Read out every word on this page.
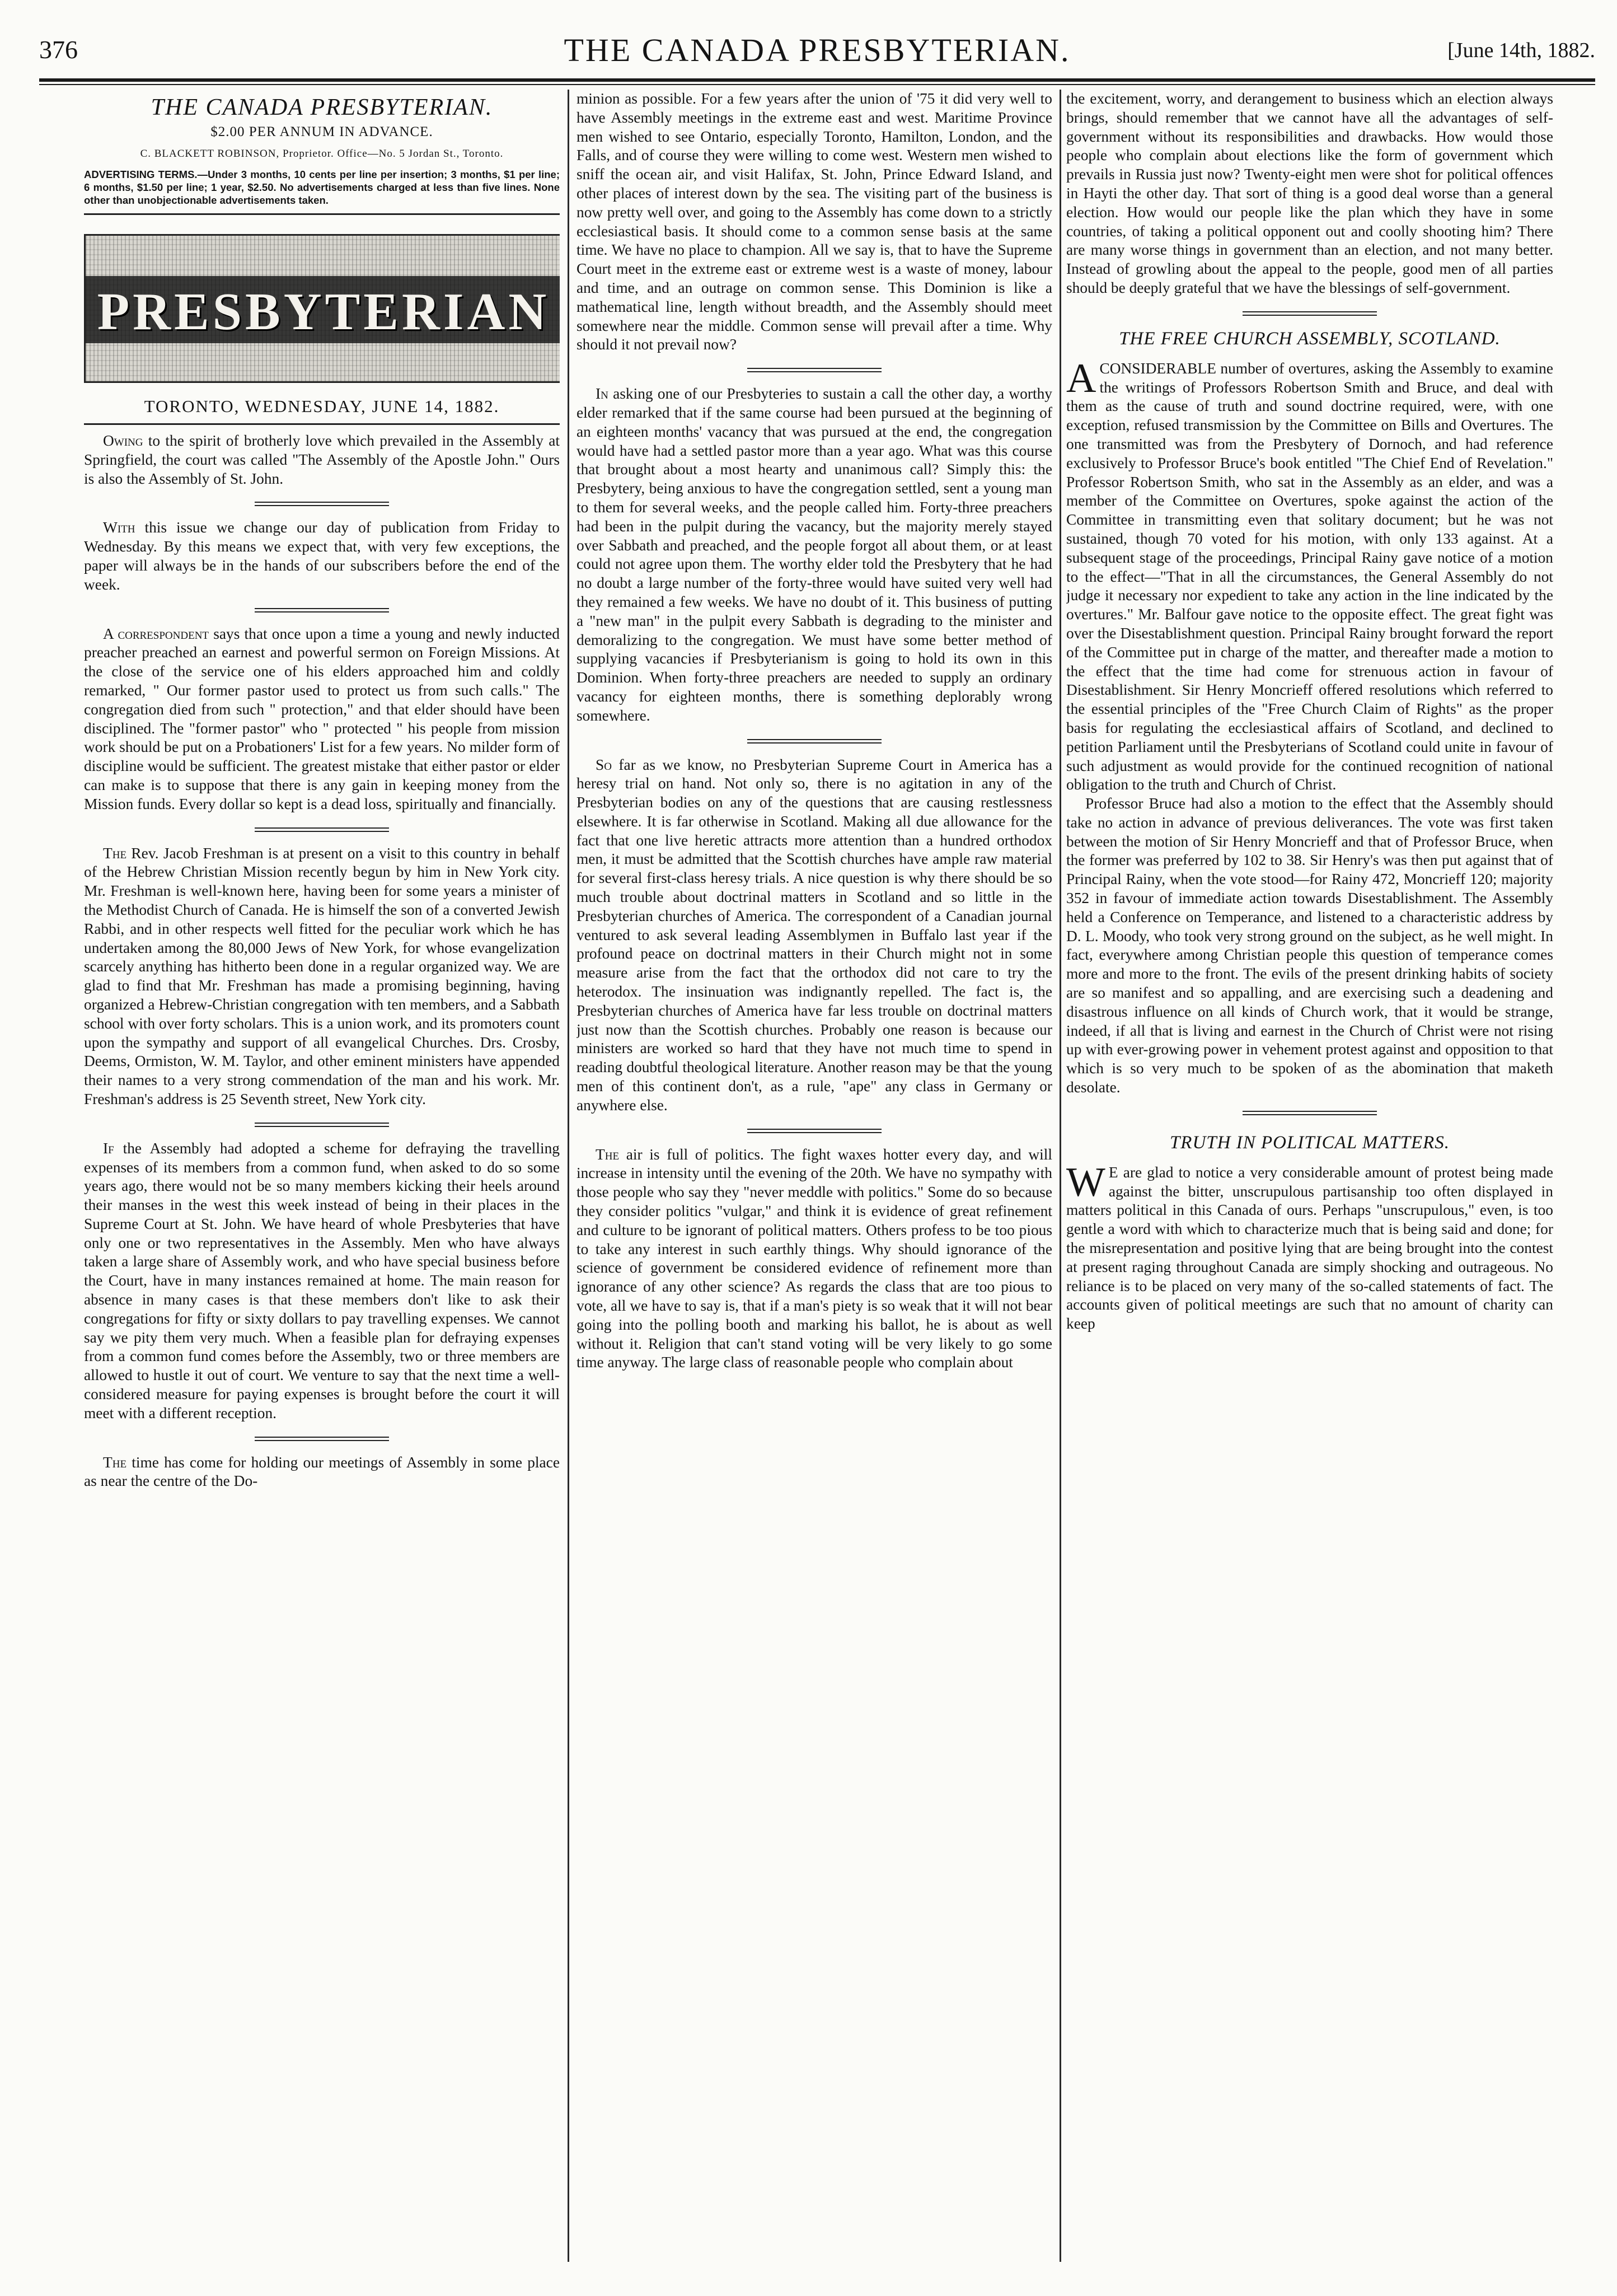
376	THE CANADA PRESBYTERIAN.	[June 14th, 1882.
THE CANADA PRESBYTERIAN.
$2.00 PER ANNUM IN ADVANCE.
C. BLACKETT ROBINSON, Proprietor. Office—No. 5 Jordan St., Toronto.
ADVERTISING TERMS.—Under 3 months, 10 cents per line per insertion; 3 months, $1 per line; 6 months, $1.50 per line; 1 year, $2.50. No advertisements charged at less than five lines. None other than unobjectionable advertisements taken.
PRESBYTERIAN
TORONTO, WEDNESDAY, JUNE 14, 1882.

Owing to the spirit of brotherly love which prevailed in the Assembly at Springfield, the court was called "The Assembly of the Apostle John." Ours is also the Assembly of St. John.

With this issue we change our day of publication from Friday to Wednesday. By this means we expect that, with very few exceptions, the paper will always be in the hands of our subscribers before the end of the week.

A correspondent says that once upon a time a young and newly inducted preacher preached an earnest and powerful sermon on Foreign Missions. At the close of the service one of his elders approached him and coldly remarked, " Our former pastor used to protect us from such calls." The congregation died from such " protection," and that elder should have been disciplined. The "former pastor" who " protected " his people from mission work should be put on a Probationers' List for a few years. No milder form of discipline would be sufficient. The greatest mistake that either pastor or elder can make is to suppose that there is any gain in keeping money from the Mission funds. Every dollar so kept is a dead loss, spiritually and financially.

The Rev. Jacob Freshman is at present on a visit to this country in behalf of the Hebrew Christian Mission recently begun by him in New York city. Mr. Freshman is well-known here, having been for some years a minister of the Methodist Church of Canada. He is himself the son of a converted Jewish Rabbi, and in other respects well fitted for the peculiar work which he has undertaken among the 80,000 Jews of New York, for whose evangelization scarcely anything has hitherto been done in a regular organized way. We are glad to find that Mr. Freshman has made a promising beginning, having organized a Hebrew-Christian congregation with ten members, and a Sabbath school with over forty scholars. This is a union work, and its promoters count upon the sympathy and support of all evangelical Churches. Drs. Crosby, Deems, Ormiston, W. M. Taylor, and other eminent ministers have appended their names to a very strong commendation of the man and his work. Mr. Freshman's address is 25 Seventh street, New York city.

If the Assembly had adopted a scheme for defraying the travelling expenses of its members from a common fund, when asked to do so some years ago, there would not be so many members kicking their heels around their manses in the west this week instead of being in their places in the Supreme Court at St. John. We have heard of whole Presbyteries that have only one or two representatives in the Assembly. Men who have always taken a large share of Assembly work, and who have special business before the Court, have in many instances remained at home. The main reason for absence in many cases is that these members don't like to ask their congregations for fifty or sixty dollars to pay travelling expenses. We cannot say we pity them very much. When a feasible plan for defraying expenses from a common fund comes before the Assembly, two or three members are allowed to hustle it out of court. We venture to say that the next time a well-considered measure for paying expenses is brought before the court it will meet with a different reception.

The time has come for holding our meetings of Assembly in some place as near the centre of the Do-

minion as possible. For a few years after the union of '75 it did very well to have Assembly meetings in the extreme east and west. Maritime Province men wished to see Ontario, especially Toronto, Hamilton, London, and the Falls, and of course they were willing to come west. Western men wished to sniff the ocean air, and visit Halifax, St. John, Prince Edward Island, and other places of interest down by the sea. The visiting part of the business is now pretty well over, and going to the Assembly has come down to a strictly ecclesiastical basis. It should come to a common sense basis at the same time. We have no place to champion. All we say is, that to have the Supreme Court meet in the extreme east or extreme west is a waste of money, labour and time, and an outrage on common sense. This Dominion is like a mathematical line, length without breadth, and the Assembly should meet somewhere near the middle. Common sense will prevail after a time. Why should it not prevail now?

In asking one of our Presbyteries to sustain a call the other day, a worthy elder remarked that if the same course had been pursued at the beginning of an eighteen months' vacancy that was pursued at the end, the congregation would have had a settled pastor more than a year ago. What was this course that brought about a most hearty and unanimous call? Simply this: the Presbytery, being anxious to have the congregation settled, sent a young man to them for several weeks, and the people called him. Forty-three preachers had been in the pulpit during the vacancy, but the majority merely stayed over Sabbath and preached, and the people forgot all about them, or at least could not agree upon them. The worthy elder told the Presbytery that he had no doubt a large number of the forty-three would have suited very well had they remained a few weeks. We have no doubt of it. This business of putting a "new man" in the pulpit every Sabbath is degrading to the minister and demoralizing to the congregation. We must have some better method of supplying vacancies if Presbyterianism is going to hold its own in this Dominion. When forty-three preachers are needed to supply an ordinary vacancy for eighteen months, there is something deplorably wrong somewhere.

So far as we know, no Presbyterian Supreme Court in America has a heresy trial on hand. Not only so, there is no agitation in any of the Presbyterian bodies on any of the questions that are causing restlessness elsewhere. It is far otherwise in Scotland. Making all due allowance for the fact that one live heretic attracts more attention than a hundred orthodox men, it must be admitted that the Scottish churches have ample raw material for several first-class heresy trials. A nice question is why there should be so much trouble about doctrinal matters in Scotland and so little in the Presbyterian churches of America. The correspondent of a Canadian journal ventured to ask several leading Assemblymen in Buffalo last year if the profound peace on doctrinal matters in their Church might not in some measure arise from the fact that the orthodox did not care to try the heterodox. The insinuation was indignantly repelled. The fact is, the Presbyterian churches of America have far less trouble on doctrinal matters just now than the Scottish churches. Probably one reason is because our ministers are worked so hard that they have not much time to spend in reading doubtful theological literature. Another reason may be that the young men of this continent don't, as a rule, "ape" any class in Germany or anywhere else.

The air is full of politics. The fight waxes hotter every day, and will increase in intensity until the evening of the 20th. We have no sympathy with those people who say they "never meddle with politics." Some do so because they consider politics "vulgar," and think it is evidence of great refinement and culture to be ignorant of political matters. Others profess to be too pious to take any interest in such earthly things. Why should ignorance of the science of government be considered evidence of refinement more than ignorance of any other science? As regards the class that are too pious to vote, all we have to say is, that if a man's piety is so weak that it will not bear going into the polling booth and marking his ballot, he is about as well without it. Religion that can't stand voting will be very likely to go some time anyway. The large class of reasonable people who complain about

the excitement, worry, and derangement to business which an election always brings, should remember that we cannot have all the advantages of self-government without its responsibilities and drawbacks. How would those people who complain about elections like the form of government which prevails in Russia just now? Twenty-eight men were shot for political offences in Hayti the other day. That sort of thing is a good deal worse than a general election. How would our people like the plan which they have in some countries, of taking a political opponent out and coolly shooting him? There are many worse things in government than an election, and not many better. Instead of growling about the appeal to the people, good men of all parties should be deeply grateful that we have the blessings of self-government.

THE FREE CHURCH ASSEMBLY, SCOTLAND.

A CONSIDERABLE number of overtures, asking the Assembly to examine the writings of Professors Robertson Smith and Bruce, and deal with them as the cause of truth and sound doctrine required, were, with one exception, refused transmission by the Committee on Bills and Overtures. The one transmitted was from the Presbytery of Dornoch, and had reference exclusively to Professor Bruce's book entitled "The Chief End of Revelation." Professor Robertson Smith, who sat in the Assembly as an elder, and was a member of the Committee on Overtures, spoke against the action of the Committee in transmitting even that solitary document; but he was not sustained, though 70 voted for his motion, with only 133 against. At a subsequent stage of the proceedings, Principal Rainy gave notice of a motion to the effect—"That in all the circumstances, the General Assembly do not judge it necessary nor expedient to take any action in the line indicated by the overtures." Mr. Balfour gave notice to the opposite effect. The great fight was over the Disestablishment question. Principal Rainy brought forward the report of the Committee put in charge of the matter, and thereafter made a motion to the effect that the time had come for strenuous action in favour of Disestablishment. Sir Henry Moncrieff offered resolutions which referred to the essential principles of the "Free Church Claim of Rights" as the proper basis for regulating the ecclesiastical affairs of Scotland, and declined to petition Parliament until the Presbyterians of Scotland could unite in favour of such adjustment as would provide for the continued recognition of national obligation to the truth and Church of Christ.

Professor Bruce had also a motion to the effect that the Assembly should take no action in advance of previous deliverances. The vote was first taken between the motion of Sir Henry Moncrieff and that of Professor Bruce, when the former was preferred by 102 to 38. Sir Henry's was then put against that of Principal Rainy, when the vote stood—for Rainy 472, Moncrieff 120; majority 352 in favour of immediate action towards Disestablishment. The Assembly held a Conference on Temperance, and listened to a characteristic address by D. L. Moody, who took very strong ground on the subject, as he well might. In fact, everywhere among Christian people this question of temperance comes more and more to the front. The evils of the present drinking habits of society are so manifest and so appalling, and are exercising such a deadening and disastrous influence on all kinds of Church work, that it would be strange, indeed, if all that is living and earnest in the Church of Christ were not rising up with ever-growing power in vehement protest against and opposition to that which is so very much to be spoken of as the abomination that maketh desolate.

TRUTH IN POLITICAL MATTERS.

W E are glad to notice a very considerable amount of protest being made against the bitter, unscrupulous partisanship too often displayed in matters political in this Canada of ours. Perhaps "unscrupulous," even, is too gentle a word with which to characterize much that is being said and done; for the misrepresentation and positive lying that are being brought into the contest at present raging throughout Canada are simply shocking and outrageous. No reliance is to be placed on very many of the so-called statements of fact. The accounts given of political meetings are such that no amount of charity can keep
